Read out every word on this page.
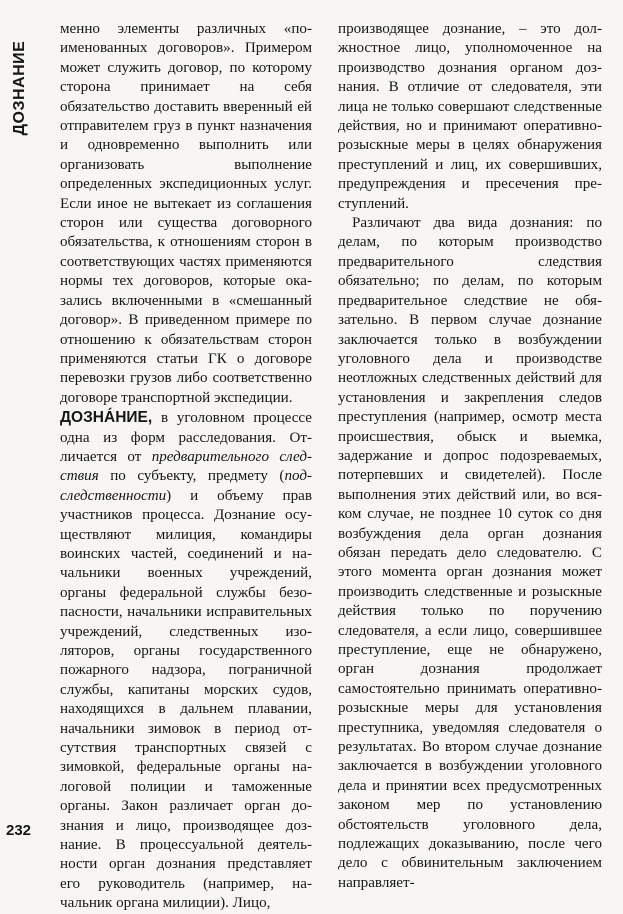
ДОЗНАНИЕ
232

менно элементы различных «поименованных договоров». Примером может служить договор, по которому сторона принимает на себя обязательство доставить вверенный ей отправителем груз в пункт назначения и одновременно выполнить или организовать выполнение определенных экспедиционных услуг. Если иное не вытекает из соглашения сторон или существа договорного обязательства, к отношениям сторон в соответствующих частях применяются нормы тех договоров, которые оказались включенными в «смешанный договор». В приведенном примере по отношению к обязательствам сторон применяются статьи ГК о договоре перевозки грузов либо соответственно договоре транспортной экспедиции.

ДОЗНА́НИЕ, в уголовном процессе одна из форм расследования. Отличается от предварительного следствия по субъекту, предмету (подследственности) и объему прав участников процесса. Дознание осуществляют милиция, командиры воинских частей, соединений и начальники военных учреждений, органы федеральной службы безопасности, начальники исправительных учреждений, следственных изоляторов, органы государственного пожарного надзора, пограничной службы, капитаны морских судов, находящихся в дальнем плавании, начальники зимовок в период отсутствия транспортных связей с зимовкой, федеральные органы налоговой полиции и таможенные органы. Закон различает орган дознания и лицо, производящее дознание. В процессуальной деятельности орган дознания представляет его руководитель (например, начальник органа милиции). Лицо,

производящее дознание, – это должностное лицо, уполномоченное на производство дознания органом дознания. В отличие от следователя, эти лица не только совершают следственные действия, но и принимают оперативно-розыскные меры в целях обнаружения преступлений и лиц, их совершивших, предупреждения и пресечения преступлений.

Различают два вида дознания: по делам, по которым производство предварительного следствия обязательно; по делам, по которым предварительное следствие не обязательно. В первом случае дознание заключается только в возбуждении уголовного дела и производстве неотложных следственных действий для установления и закрепления следов преступления (например, осмотр места происшествия, обыск и выемка, задержание и допрос подозреваемых, потерпевших и свидетелей). После выполнения этих действий или, во всяком случае, не позднее 10 суток со дня возбуждения дела орган дознания обязан передать дело следователю. С этого момента орган дознания может производить следственные и розыскные действия только по поручению следователя, а если лицо, совершившее преступление, еще не обнаружено, орган дознания продолжает самостоятельно принимать оперативно-розыскные меры для установления преступника, уведомляя следователя о результатах. Во втором случае дознание заключается в возбуждении уголовного дела и принятии всех предусмотренных законом мер по установлению обстоятельств уголовного дела, подлежащих доказыванию, после чего дело с обвинительным заключением направляет-
